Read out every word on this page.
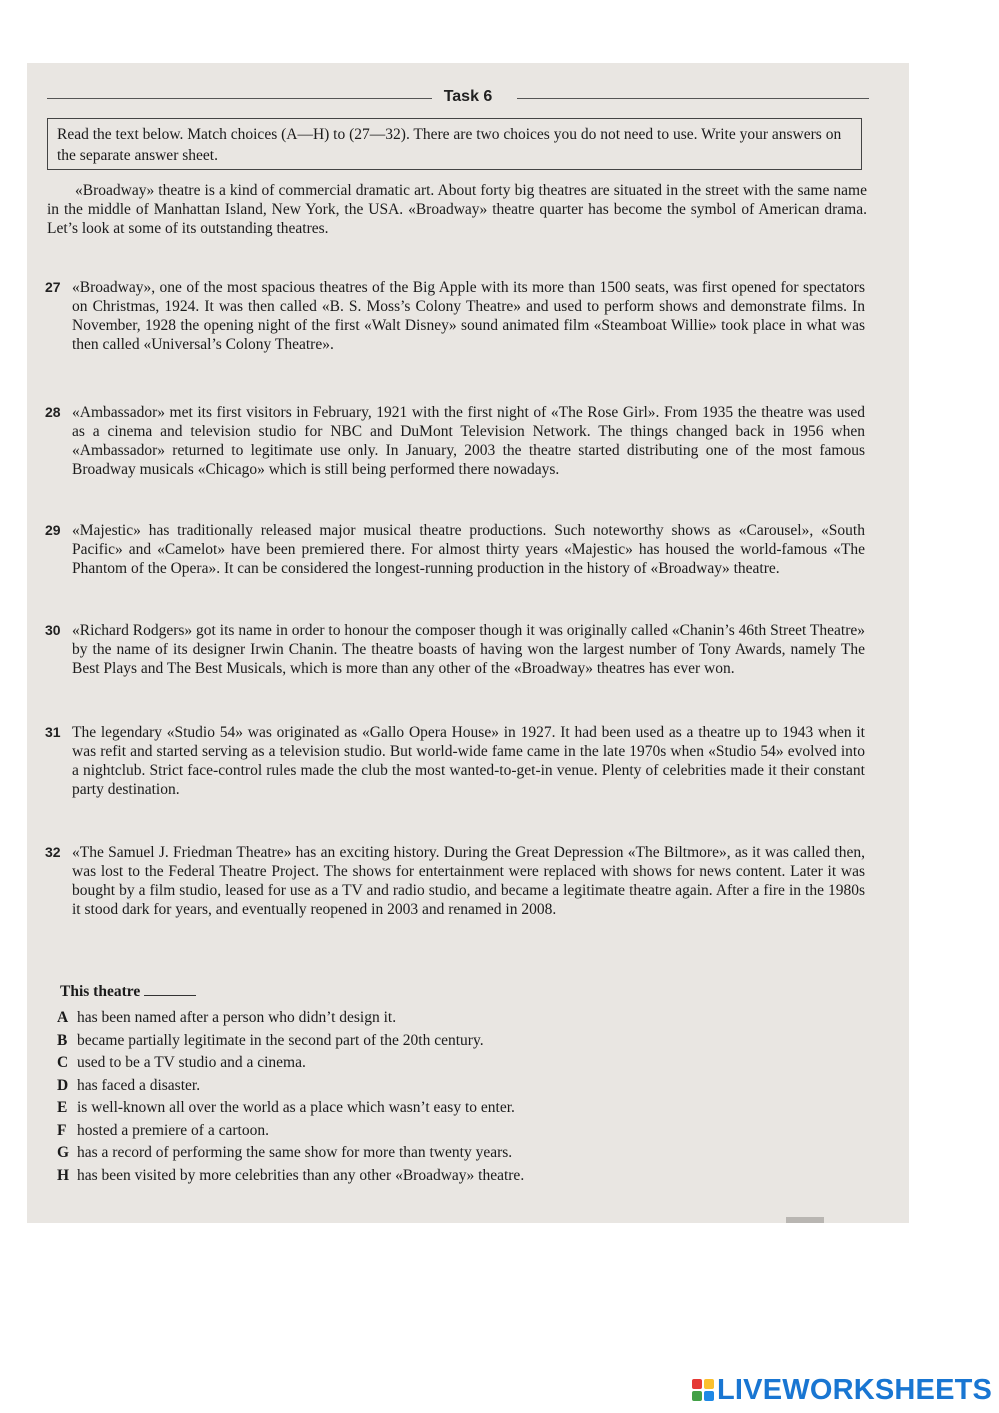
Task 6
Read the text below. Match choices (A—H) to (27—32). There are two choices you do not need to use. Write your answers on the separate answer sheet.
«Broadway» theatre is a kind of commercial dramatic art. About forty big theatres are situated in the street with the same name in the middle of Manhattan Island, New York, the USA. «Broadway» theatre quarter has become the symbol of American drama. Let’s look at some of its outstanding theatres.
27 «Broadway», one of the most spacious theatres of the Big Apple with its more than 1500 seats, was first opened for spectators on Christmas, 1924. It was then called «B. S. Moss’s Colony Theatre» and used to perform shows and demonstrate films. In November, 1928 the opening night of the first «Walt Disney» sound animated film «Steamboat Willie» took place in what was then called «Universal’s Colony Theatre».
28 «Ambassador» met its first visitors in February, 1921 with the first night of «The Rose Girl». From 1935 the theatre was used as a cinema and television studio for NBC and DuMont Television Network. The things changed back in 1956 when «Ambassador» returned to legitimate use only. In January, 2003 the theatre started distributing one of the most famous Broadway musicals «Chicago» which is still being performed there nowadays.
29 «Majestic» has traditionally released major musical theatre productions. Such noteworthy shows as «Carousel», «South Pacific» and «Camelot» have been premiered there. For almost thirty years «Majestic» has housed the world-famous «The Phantom of the Opera». It can be considered the longest-running production in the history of «Broadway» theatre.
30 «Richard Rodgers» got its name in order to honour the composer though it was originally called «Chanin’s 46th Street Theatre» by the name of its designer Irwin Chanin. The theatre boasts of having won the largest number of Tony Awards, namely The Best Plays and The Best Musicals, which is more than any other of the «Broadway» theatres has ever won.
31 The legendary «Studio 54» was originated as «Gallo Opera House» in 1927. It had been used as a theatre up to 1943 when it was refit and started serving as a television studio. But world-wide fame came in the late 1970s when «Studio 54» evolved into a nightclub. Strict face-control rules made the club the most wanted-to-get-in venue. Plenty of celebrities made it their constant party destination.
32 «The Samuel J. Friedman Theatre» has an exciting history. During the Great Depression «The Biltmore», as it was called then, was lost to the Federal Theatre Project. The shows for entertainment were replaced with shows for news content. Later it was bought by a film studio, leased for use as a TV and radio studio, and became a legitimate theatre again. After a fire in the 1980s it stood dark for years, and eventually reopened in 2003 and renamed in 2008.
This theatre
A has been named after a person who didn’t design it.
B became partially legitimate in the second part of the 20th century.
C used to be a TV studio and a cinema.
D has faced a disaster.
E is well-known all over the world as a place which wasn’t easy to enter.
F hosted a premiere of a cartoon.
G has a record of performing the same show for more than twenty years.
H has been visited by more celebrities than any other «Broadway» theatre.
LIVEWORKSHEETS
